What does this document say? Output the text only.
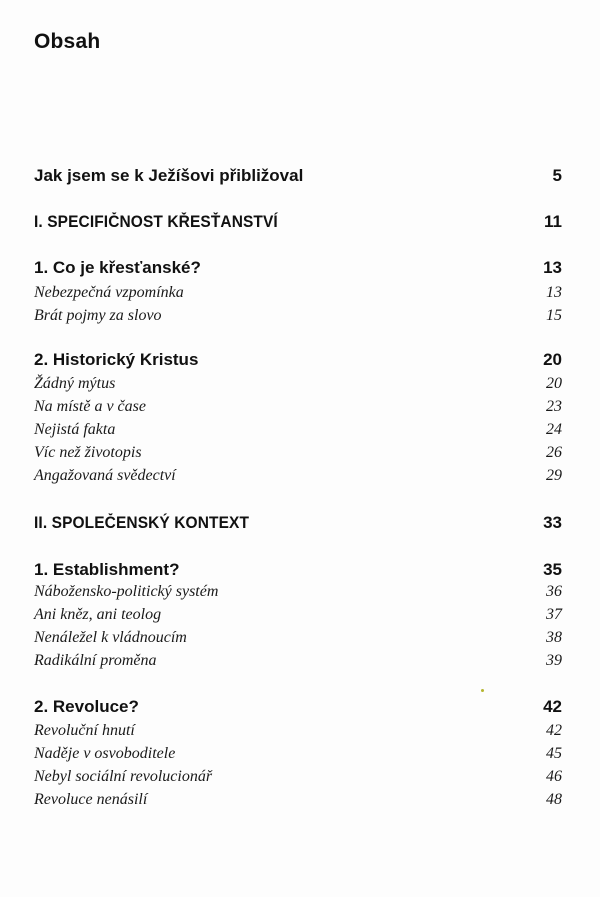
Obsah
Jak jsem se k Ježíšovi přibližoval	5
I. SPECIFIČNOST KŘESŤANSTVÍ	11
1. Co je křesťanské?	13
Nebezpečná vzpomínka	13
Brát pojmy za slovo	15
2. Historický Kristus	20
Žádný mýtus	20
Na místě a v čase	23
Nejistá fakta	24
Víc než životopis	26
Angažovaná svědectví	29
II. SPOLEČENSKÝ KONTEXT	33
1. Establishment?	35
Nábožensko-politický systém	36
Ani kněz, ani teolog	37
Nenáležel k vládnoucím	38
Radikální proměna	39
2. Revoluce?	42
Revoluční hnutí	42
Naděje v osvoboditele	45
Nebyl sociální revolucionář	46
Revoluce nenásilí	48
